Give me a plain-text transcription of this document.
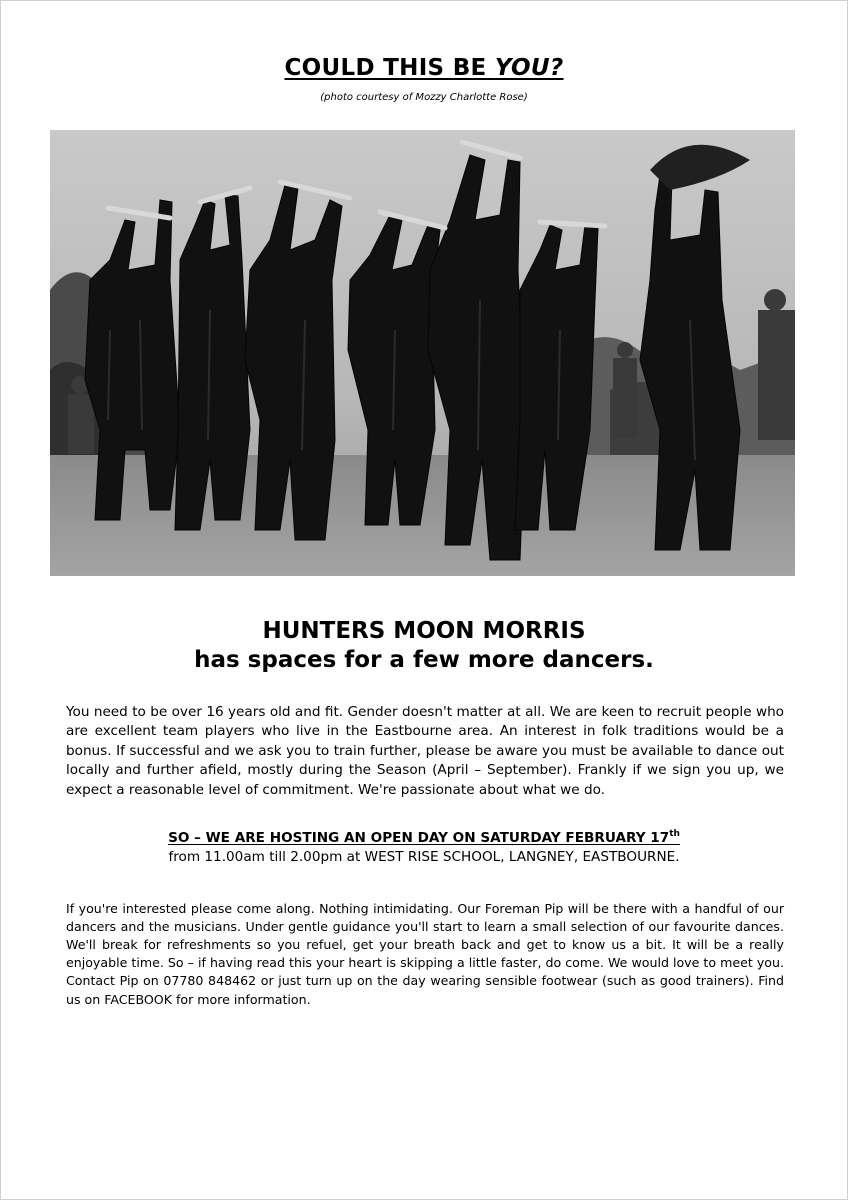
COULD THIS BE YOU?
(photo courtesy of Mozzy Charlotte Rose)
HUNTERS MOON MORRIS
has spaces for a few more dancers.

You need to be over 16 years old and fit. Gender doesn't matter at all. We are keen to recruit people who are excellent team players who live in the Eastbourne area. An interest in folk traditions would be a bonus. If successful and we ask you to train further, please be aware you must be available to dance out locally and further afield, mostly during the Season (April – September). Frankly if we sign you up, we expect a reasonable level of commitment. We're passionate about what we do.

SO – WE ARE HOSTING AN OPEN DAY ON SATURDAY FEBRUARY 17th
from 11.00am till 2.00pm at WEST RISE SCHOOL, LANGNEY, EASTBOURNE.

If you're interested please come along. Nothing intimidating. Our Foreman Pip will be there with a handful of our dancers and the musicians. Under gentle guidance you'll start to learn a small selection of our favourite dances. We'll break for refreshments so you refuel, get your breath back and get to know us a bit. It will be a really enjoyable time. So – if having read this your heart is skipping a little faster, do come. We would love to meet you. Contact Pip on 07780 848462 or just turn up on the day wearing sensible footwear (such as good trainers). Find us on FACEBOOK for more information.
